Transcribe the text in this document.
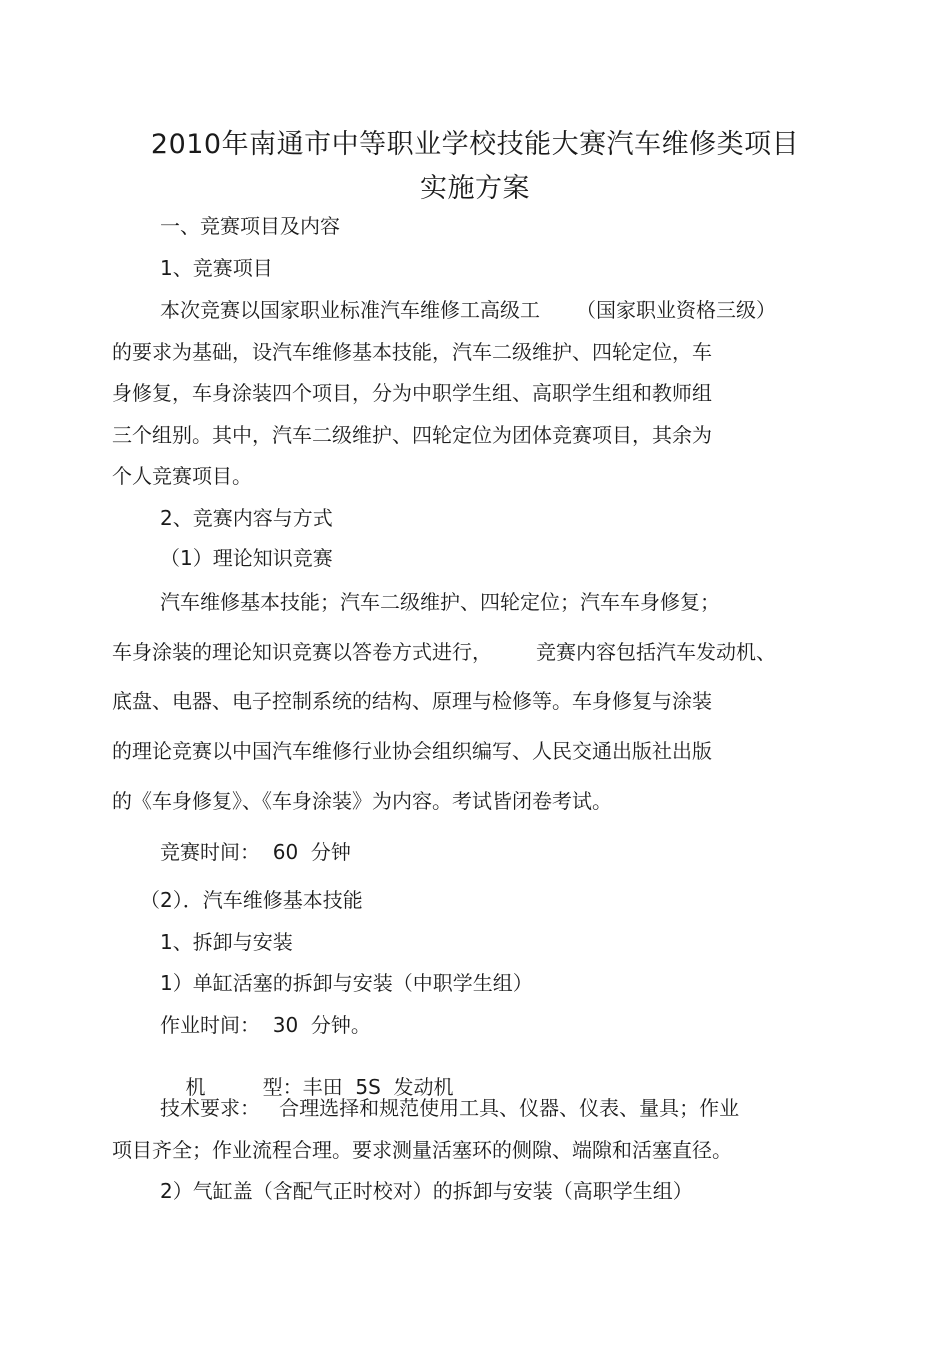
2010年南通市中等职业学校技能大赛汽车维修类项目
实施方案
一、竞赛项目及内容
1、竞赛项目
本次竞赛以国家职业标准汽车维修工高级工 （国家职业资格三级）
的要求为基础，设汽车维修基本技能，汽车二级维护、四轮定位，车
身修复，车身涂装四个项目，分为中职学生组、高职学生组和教师组
三个组别。其中，汽车二级维护、四轮定位为团体竞赛项目，其余为
个人竞赛项目。
2、竞赛内容与方式
（1）理论知识竞赛
汽车维修基本技能；汽车二级维护、四轮定位；汽车车身修复；
车身涂装的理论知识竞赛以答卷方式进行， 竞赛内容包括汽车发动机、
底盘、电器、电子控制系统的结构、原理与检修等。车身修复与涂装
的理论竞赛以中国汽车维修行业协会组织编写、人民交通出版社出版
的《车身修复》、《车身涂装》为内容。考试皆闭卷考试。
竞赛时间：  60  分钟
（2）．汽车维修基本技能
1、拆卸与安装
1）单缸活塞的拆卸与安装（中职学生组）
作业时间：  30  分钟。

机         型：丰田  5S  发动机

技术要求：   合理选择和规范使用工具、仪器、仪表、量具；作业
项目齐全；作业流程合理。要求测量活塞环的侧隙、端隙和活塞直径。
2）气缸盖（含配气正时校对）的拆卸与安装（高职学生组）
